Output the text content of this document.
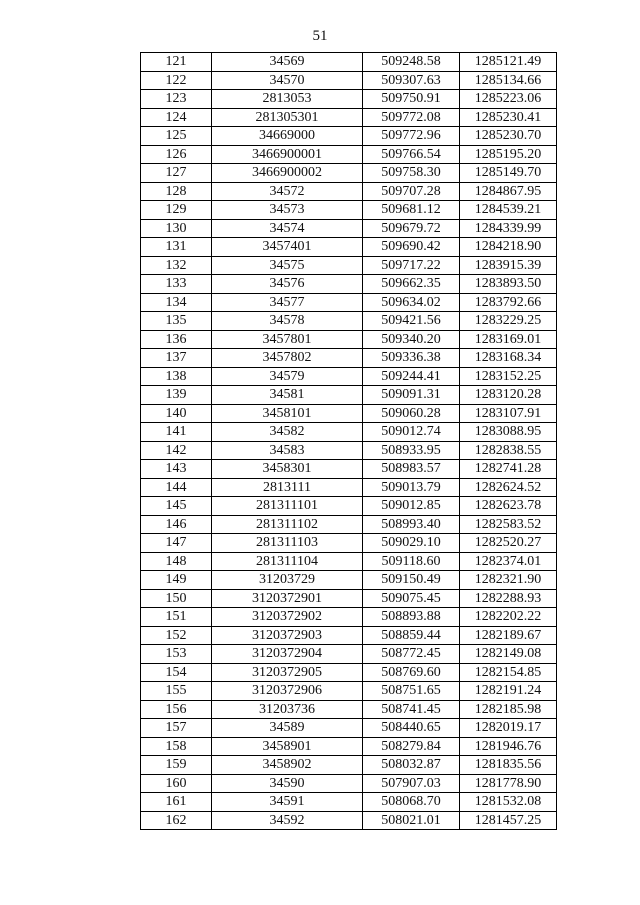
51
121	34569	509248.58	1285121.49
122	34570	509307.63	1285134.66
123	2813053	509750.91	1285223.06
124	281305301	509772.08	1285230.41
125	34669000	509772.96	1285230.70
126	3466900001	509766.54	1285195.20
127	3466900002	509758.30	1285149.70
128	34572	509707.28	1284867.95
129	34573	509681.12	1284539.21
130	34574	509679.72	1284339.99
131	3457401	509690.42	1284218.90
132	34575	509717.22	1283915.39
133	34576	509662.35	1283893.50
134	34577	509634.02	1283792.66
135	34578	509421.56	1283229.25
136	3457801	509340.20	1283169.01
137	3457802	509336.38	1283168.34
138	34579	509244.41	1283152.25
139	34581	509091.31	1283120.28
140	3458101	509060.28	1283107.91
141	34582	509012.74	1283088.95
142	34583	508933.95	1282838.55
143	3458301	508983.57	1282741.28
144	2813111	509013.79	1282624.52
145	281311101	509012.85	1282623.78
146	281311102	508993.40	1282583.52
147	281311103	509029.10	1282520.27
148	281311104	509118.60	1282374.01
149	31203729	509150.49	1282321.90
150	3120372901	509075.45	1282288.93
151	3120372902	508893.88	1282202.22
152	3120372903	508859.44	1282189.67
153	3120372904	508772.45	1282149.08
154	3120372905	508769.60	1282154.85
155	3120372906	508751.65	1282191.24
156	31203736	508741.45	1282185.98
157	34589	508440.65	1282019.17
158	3458901	508279.84	1281946.76
159	3458902	508032.87	1281835.56
160	34590	507907.03	1281778.90
161	34591	508068.70	1281532.08
162	34592	508021.01	1281457.25
